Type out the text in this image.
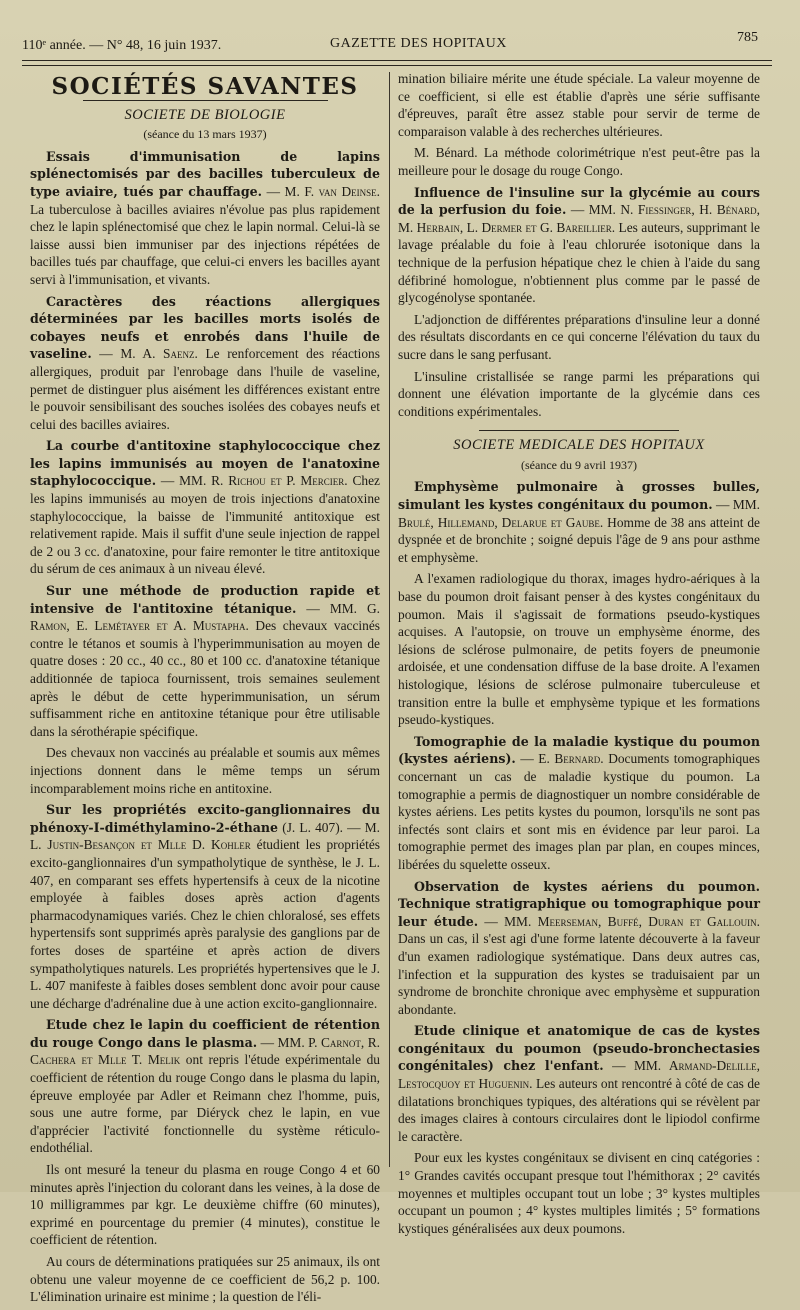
110ᵉ année. — N° 48, 16 juin 1937.	GAZETTE DES HOPITAUX	785
SOCIÉTÉS SAVANTES
SOCIETE DE BIOLOGIE
(séance du 13 mars 1937)

Essais d'immunisation de lapins splénectomisés par des bacilles tuberculeux de type aviaire, tués par chauffage. — M. F. van Deinse. La tuberculose à bacilles aviaires n'évolue pas plus rapidement chez le lapin splénectomisé que chez le lapin normal. Celui-là se laisse aussi bien immuniser par des injections répétées de bacilles tués par chauffage, que celui-ci envers les bacilles ayant servi à l'immunisation, et vivants.

Caractères des réactions allergiques déterminées par les bacilles morts isolés de cobayes neufs et enrobés dans l'huile de vaseline. — M. A. Saenz. Le renforcement des réactions allergiques, produit par l'enrobage dans l'huile de vaseline, permet de distinguer plus aisément les différences existant entre le pouvoir sensibilisant des souches isolées des cobayes neufs et celui des bacilles aviaires.

La courbe d'antitoxine staphylococcique chez les lapins immunisés au moyen de l'anatoxine staphylococcique. — MM. R. Richou et P. Mercier. Chez les lapins immunisés au moyen de trois injections d'anatoxine staphylococcique, la baisse de l'immunité antitoxique est relativement rapide. Mais il suffit d'une seule injection de rappel de 2 ou 3 cc. d'anatoxine, pour faire remonter le titre antitoxique du sérum de ces animaux à un niveau élevé.

Sur une méthode de production rapide et intensive de l'antitoxine tétanique. — MM. G. Ramon, E. Lemétayer et A. Mustapha. Des chevaux vaccinés contre le tétanos et soumis à l'hyperimmunisation au moyen de quatre doses : 20 cc., 40 cc., 80 et 100 cc. d'anatoxine tétanique additionnée de tapioca fournissent, trois semaines seulement après le début de cette hyperimmunisation, un sérum suffisamment riche en antitoxine tétanique pour être utilisable dans la sérothérapie spécifique.

Des chevaux non vaccinés au préalable et soumis aux mêmes injections donnent dans le même temps un sérum incomparablement moins riche en antitoxine.

Sur les propriétés excito-ganglionnaires du phénoxy-I-diméthylamino-2-éthane (J. L. 407). — M. L. Justin-Besançon et Mlle D. Kohler étudient les propriétés excito-ganglionnaires d'un sympatholytique de synthèse, le J. L. 407, en comparant ses effets hypertensifs à ceux de la nicotine employée à faibles doses après action d'agents pharmacodynamiques variés. Chez le chien chloralosé, ses effets hypertensifs sont supprimés après paralysie des ganglions par de fortes doses de spartéine et après action de divers sympatholytiques naturels. Les propriétés hypertensives que le J. L. 407 manifeste à faibles doses semblent donc avoir pour cause une décharge d'adrénaline due à une action excito-ganglionnaire.

Etude chez le lapin du coefficient de rétention du rouge Congo dans le plasma. — MM. P. Carnot, R. Cachera et Mlle T. Melik ont repris l'étude expérimentale du coefficient de rétention du rouge Congo dans le plasma du lapin, épreuve employée par Adler et Reimann chez l'homme, puis, sous une autre forme, par Diéryck chez le lapin, en vue d'apprécier l'activité fonctionnelle du système réticulo-endothélial.

Ils ont mesuré la teneur du plasma en rouge Congo 4 et 60 minutes après l'injection du colorant dans les veines, à la dose de 10 milligrammes par kgr. Le deuxième chiffre (60 minutes), exprimé en pourcentage du premier (4 minutes), constitue le coefficient de rétention.

Au cours de déterminations pratiquées sur 25 animaux, ils ont obtenu une valeur moyenne de ce coefficient de 56,2 p. 100. L'élimination urinaire est minime ; la question de l'éli-

mination biliaire mérite une étude spéciale. La valeur moyenne de ce coefficient, si elle est établie d'après une série suffisante d'épreuves, paraît être assez stable pour servir de terme de comparaison valable à des recherches ultérieures.

M. Bénard. La méthode colorimétrique n'est peut-être pas la meilleure pour le dosage du rouge Congo.

Influence de l'insuline sur la glycémie au cours de la perfusion du foie. — MM. N. Fiessinger, H. Bénard, M. Herbain, L. Dermer et G. Bareillier. Les auteurs, supprimant le lavage préalable du foie à l'eau chlorurée isotonique dans la technique de la perfusion hépatique chez le chien à l'aide du sang défibriné homologue, n'obtiennent plus comme par le passé de glycogénolyse spontanée.

L'adjonction de différentes préparations d'insuline leur a donné des résultats discordants en ce qui concerne l'élévation du taux du sucre dans le sang perfusant.

L'insuline cristallisée se range parmi les préparations qui donnent une élévation importante de la glycémie dans ces conditions expérimentales.

SOCIETE MEDICALE DES HOPITAUX
(séance du 9 avril 1937)

Emphysème pulmonaire à grosses bulles, simulant les kystes congénitaux du poumon. — MM. Brulé, Hillemand, Delarue et Gaube. Homme de 38 ans atteint de dyspnée et de bronchite ; soigné depuis l'âge de 9 ans pour asthme et emphysème.

A l'examen radiologique du thorax, images hydro-aériques à la base du poumon droit faisant penser à des kystes congénitaux du poumon. Mais il s'agissait de formations pseudo-kystiques acquises. A l'autopsie, on trouve un emphysème énorme, des lésions de sclérose pulmonaire, de petits foyers de pneumonie ardoisée, et une condensation diffuse de la base droite. A l'examen histologique, lésions de sclérose pulmonaire tuberculeuse et transition entre la bulle et emphysème typique et les formations pseudo-kystiques.

Tomographie de la maladie kystique du poumon (kystes aériens). — E. Bernard. Documents tomographiques concernant un cas de maladie kystique du poumon. La tomographie a permis de diagnostiquer un nombre considérable de kystes aériens. Les petits kystes du poumon, lorsqu'ils ne sont pas infectés sont clairs et sont mis en évidence par leur paroi. La tomographie permet des images plan par plan, en coupes minces, libérées du squelette osseux.

Observation de kystes aériens du poumon. Technique stratigraphique ou tomographique pour leur étude. — MM. Meerseman, Buffé, Duran et Gallouin. Dans un cas, il s'est agi d'une forme latente découverte à la faveur d'un examen radiologique systématique. Dans deux autres cas, l'infection et la suppuration des kystes se traduisaient par un syndrome de bronchite chronique avec emphysème et suppuration abondante.

Etude clinique et anatomique de cas de kystes congénitaux du poumon (pseudo-bronchectasies congénitales) chez l'enfant. — MM. Armand-Delille, Lestocquoy et Huguenin. Les auteurs ont rencontré à côté de cas de dilatations bronchiques typiques, des altérations qui se révèlent par des images claires à contours circulaires dont le lipiodol confirme le caractère.

Pour eux les kystes congénitaux se divisent en cinq catégories : 1° Grandes cavités occupant presque tout l'hémithorax ; 2° cavités moyennes et multiples occupant tout un lobe ; 3° kystes multiples occupant un poumon ; 4° kystes multiples limités ; 5° formations kystiques généralisées aux deux poumons.
